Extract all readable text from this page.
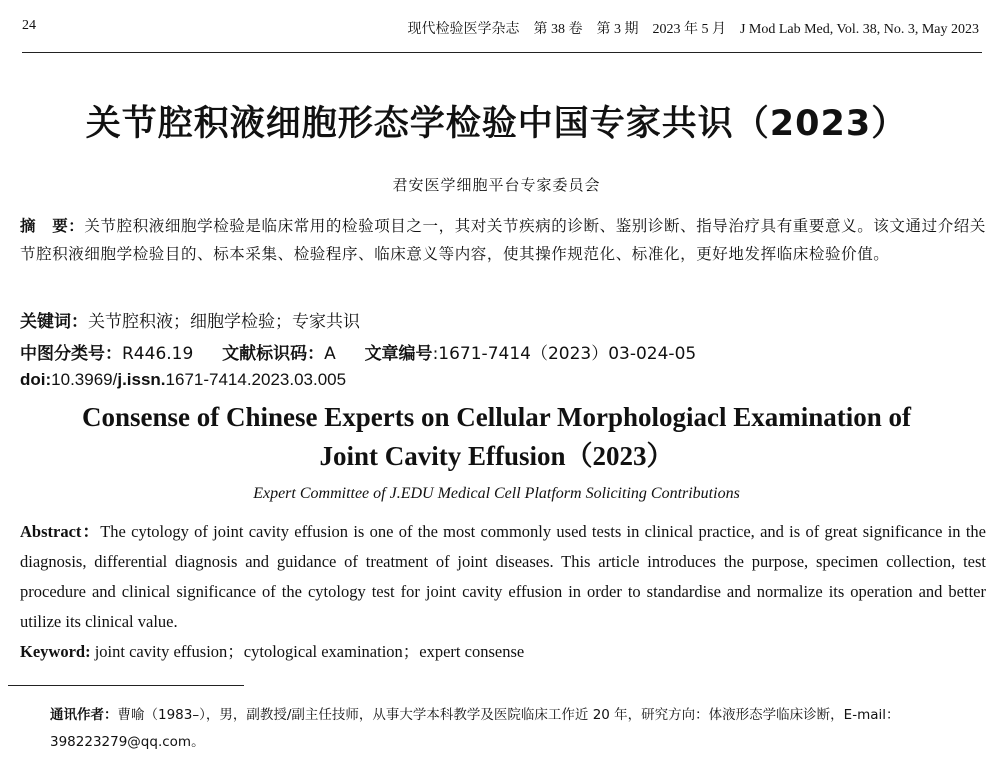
24	现代检验医学杂志　第 38 卷　第 3 期　2023 年 5 月　J Mod Lab Med, Vol. 38, No. 3, May 2023
关节腔积液细胞形态学检验中国专家共识（2023）
君安医学细胞平台专家委员会
摘　要：关节腔积液细胞学检验是临床常用的检验项目之一，其对关节疾病的诊断、鉴别诊断、指导治疗具有重要意义。该文通过介绍关节腔积液细胞学检验目的、标本采集、检验程序、临床意义等内容，使其操作规范化、标准化，更好地发挥临床检验价值。
关键词：关节腔积液；细胞学检验；专家共识
中图分类号：R446.19 文献标识码：A 文章编号:1671-7414（2023）03-024-05
doi:10.3969/j.issn.1671-7414.2023.03.005
Consense of Chinese Experts on Cellular Morphologiacl Examination of
Joint Cavity Effusion（2023）
Expert Committee of J.EDU Medical Cell Platform Soliciting Contributions
Abstract：The cytology of joint cavity effusion is one of the most commonly used tests in clinical practice, and is of great significance in the diagnosis, differential diagnosis and guidance of treatment of joint diseases. This article introduces the purpose, specimen collection, test procedure and clinical significance of the cytology test for joint cavity effusion in order to standardise and normalize its operation and better utilize its clinical value.
Keyword: joint cavity effusion；cytological examination；expert consense
通讯作者：曹喻（1983–），男，副教授/副主任技师，从事大学本科教学及医院临床工作近 20 年，研究方向：体液形态学临床诊断，E-mail：398223279@qq.com。
